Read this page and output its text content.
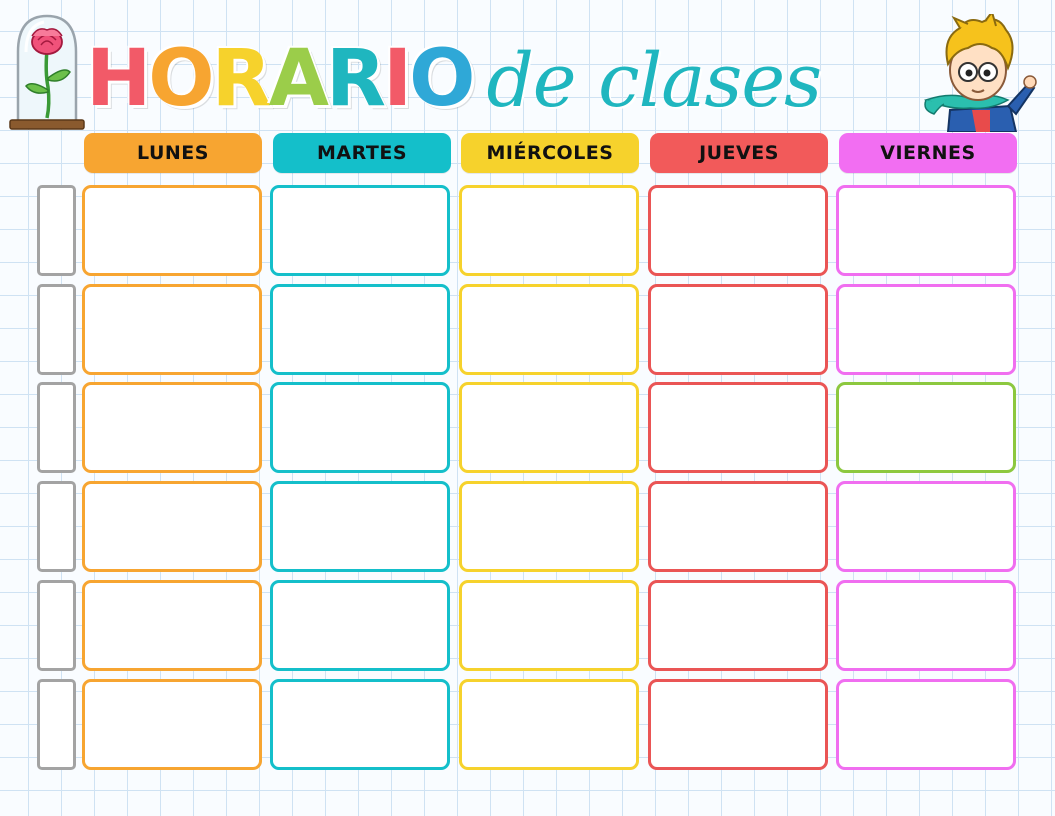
HORARIO de clases
LUNES	MARTES	MIÉRCOLES	JUEVES	VIERNES
